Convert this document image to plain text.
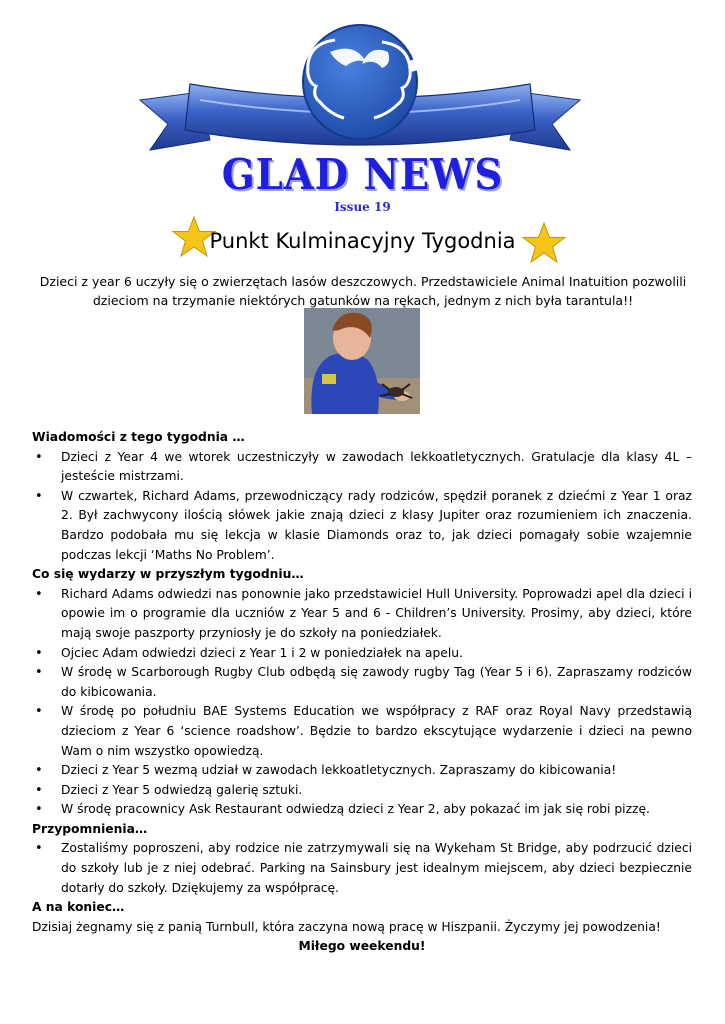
GLAD NEWS
Issue 19
Punkt Kulminacyjny Tygodnia
Dzieci z year 6 uczyły się o zwierzętach lasów deszczowych. Przedstawiciele Animal Inatuition pozwolili dzieciom na trzymanie niektórych gatunków na rękach, jednym z nich była tarantula!!

Wiadomości z tego tygodnia …

• Dzieci z Year 4 we wtorek uczestniczyły w zawodach lekkoatletycznych. Gratulacje dla klasy 4L – jesteście mistrzami.
• W czwartek, Richard Adams, przewodniczący rady rodziców, spędził poranek z dziećmi z Year 1 oraz 2. Był zachwycony ilością słówek jakie znają dzieci z klasy Jupiter oraz rozumieniem ich znaczenia. Bardzo podobała mu się lekcja w klasie Diamonds oraz to, jak dzieci pomagały sobie wzajemnie podczas lekcji ‘Maths No Problem’.

Co się wydarzy w przyszłym tygodniu…

• Richard Adams odwiedzi nas ponownie jako przedstawiciel Hull University. Poprowadzi apel dla dzieci i opowie im o programie dla uczniów z Year 5 and 6 - Children’s University. Prosimy, aby dzieci, które mają swoje paszporty przyniosły je do szkoły na poniedziałek.
• Ojciec Adam odwiedzi dzieci z Year 1 i 2 w poniedziałek na apelu.
• W środę w Scarborough Rugby Club odbędą się zawody rugby Tag (Year 5 i 6). Zapraszamy rodziców do kibicowania.
• W środę po południu BAE Systems Education we współpracy z RAF oraz Royal Navy przedstawią dzieciom z Year 6 ‘science roadshow’. Będzie to bardzo ekscytujące wydarzenie i dzieci na pewno Wam o nim wszystko opowiedzą.
• Dzieci z Year 5 wezmą udział w zawodach lekkoatletycznych. Zapraszamy do kibicowania!
• Dzieci z Year 5 odwiedzą galerię sztuki.
• W środę pracownicy Ask Restaurant odwiedzą dzieci z Year 2, aby pokazać im jak się robi pizzę.

Przypomnienia…

• Zostaliśmy poproszeni, aby rodzice nie zatrzymywali się na Wykeham St Bridge, aby podrzucić dzieci do szkoły lub je z niej odebrać. Parking na Sainsbury jest idealnym miejscem, aby dzieci bezpiecznie dotarły do szkoły. Dziękujemy za współpracę.

A na koniec…

Dzisiaj żegnamy się z panią Turnbull, która zaczyna nową pracę w Hiszpanii. Życzymy jej powodzenia!

Miłego weekendu!
